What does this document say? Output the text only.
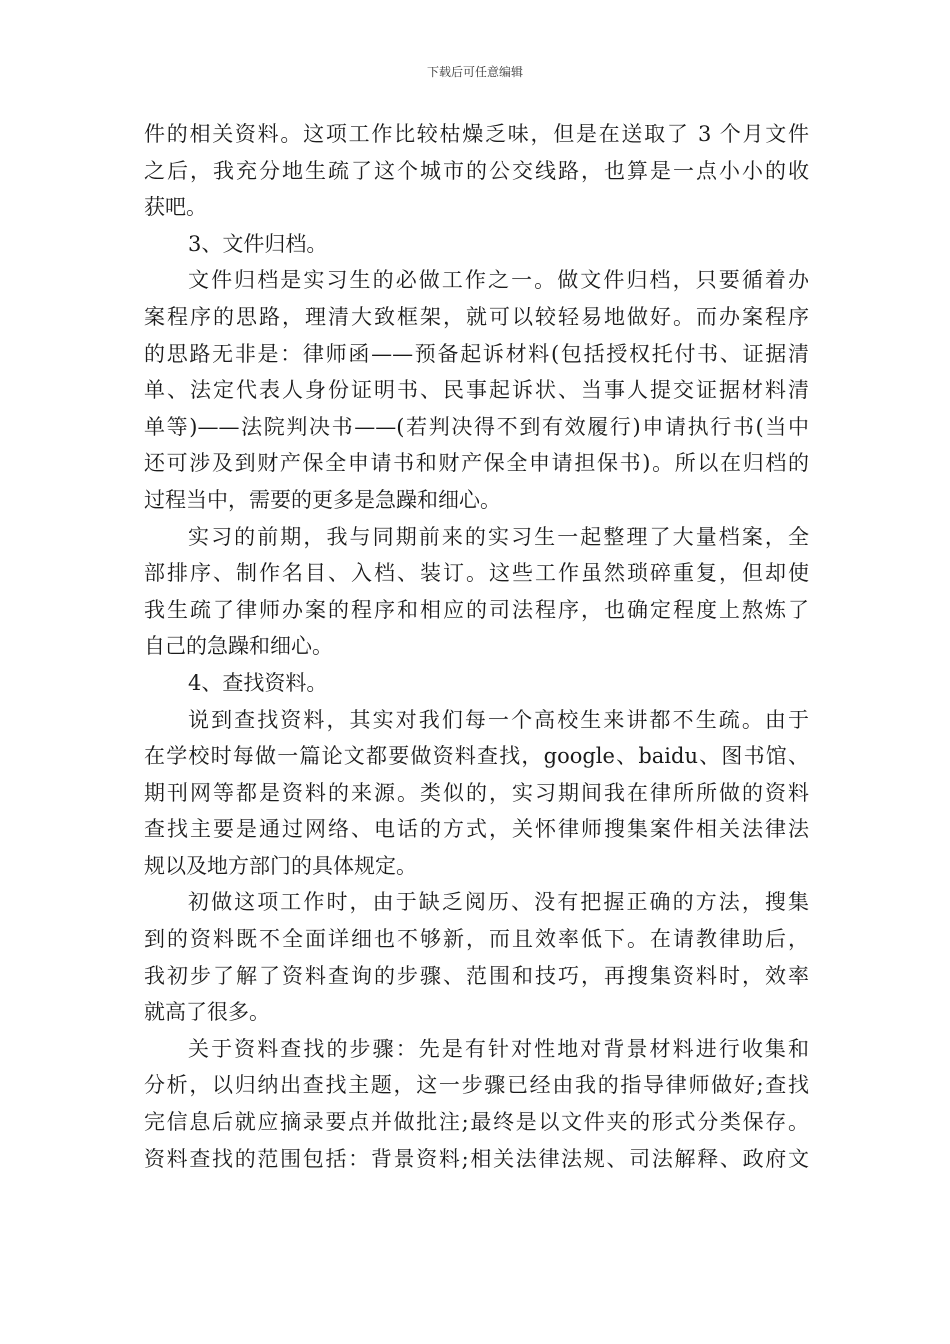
下载后可任意编辑
件的相关资料。这项工作比较枯燥乏味，但是在送取了 3 个月文件
之后，我充分地生疏了这个城市的公交线路，也算是一点小小的收
获吧。
3、文件归档。
文件归档是实习生的必做工作之一。做文件归档，只要循着办
案程序的思路，理清大致框架，就可以较轻易地做好。而办案程序
的思路无非是：律师函——预备起诉材料(包括授权托付书、证据清
单、法定代表人身份证明书、民事起诉状、当事人提交证据材料清
单等)——法院判决书——(若判决得不到有效履行)申请执行书(当中
还可涉及到财产保全申请书和财产保全申请担保书)。所以在归档的
过程当中，需要的更多是急躁和细心。
实习的前期，我与同期前来的实习生一起整理了大量档案，全
部排序、制作名目、入档、装订。这些工作虽然琐碎重复，但却使
我生疏了律师办案的程序和相应的司法程序，也确定程度上熬炼了
自己的急躁和细心。
4、查找资料。
说到查找资料，其实对我们每一个高校生来讲都不生疏。由于
在学校时每做一篇论文都要做资料查找，google、baidu、图书馆、
期刊网等都是资料的来源。类似的，实习期间我在律所所做的资料
查找主要是通过网络、电话的方式，关怀律师搜集案件相关法律法
规以及地方部门的具体规定。
初做这项工作时，由于缺乏阅历、没有把握正确的方法，搜集
到的资料既不全面详细也不够新，而且效率低下。在请教律助后，
我初步了解了资料查询的步骤、范围和技巧，再搜集资料时，效率
就高了很多。
关于资料查找的步骤：先是有针对性地对背景材料进行收集和
分析，以归纳出查找主题，这一步骤已经由我的指导律师做好;查找
完信息后就应摘录要点并做批注;最终是以文件夹的形式分类保存。
资料查找的范围包括：背景资料;相关法律法规、司法解释、政府文
